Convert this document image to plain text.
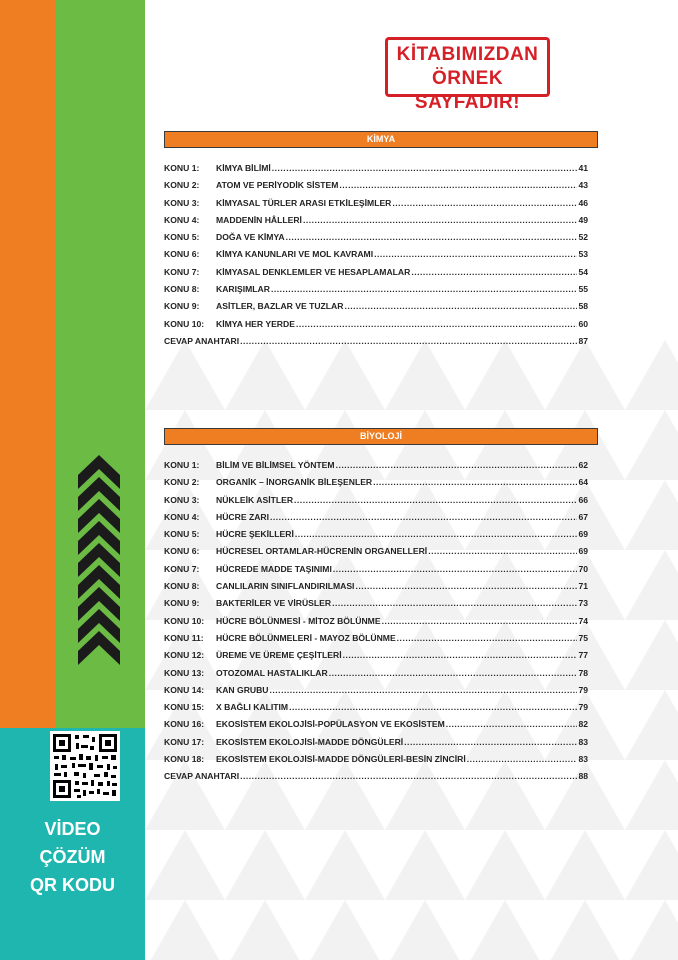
VİDEO
ÇÖZÜM
QR KODU
KİTABIMIZDAN
ÖRNEK SAYFADIR!
KİMYA
KONU 1:	KİMYA BİLİMİ .....	41
KONU 2:	ATOM VE PERİYODİK SİSTEM .....	43
KONU 3:	KİMYASAL TÜRLER ARASI ETKİLEŞİMLER .....	46
KONU 4:	MADDENİN HÂLLERİ .....	49
KONU 5:	DOĞA VE KİMYA .....	52
KONU 6:	KİMYA KANUNLARI VE MOL KAVRAMI .....	53
KONU 7:	KİMYASAL DENKLEMLER VE HESAPLAMALAR .....	54
KONU 8:	KARIŞIMLAR .....	55
KONU 9:	ASİTLER, BAZLAR VE TUZLAR .....	58
KONU 10:	KİMYA HER YERDE .....	60
CEVAP ANAHTARI .....	87
BİYOLOJİ
KONU 1:	BİLİM VE BİLİMSEL YÖNTEM .....	62
KONU 2:	ORGANİK – İNORGANİK BİLEŞENLER .....	64
KONU 3:	NÜKLEİK ASİTLER .....	66
KONU 4:	HÜCRE ZARI .....	67
KONU 5:	HÜCRE ŞEKİLLERİ .....	69
KONU 6:	HÜCRESEL ORTAMLAR-HÜCRENİN ORGANELLERİ .....	69
KONU 7:	HÜCREDE MADDE TAŞINIMI .....	70
KONU 8:	CANLILARIN SINIFLANDIRILMASI .....	71
KONU 9:	BAKTERİLER VE VİRÜSLER .....	73
KONU 10:	HÜCRE BÖLÜNMESİ - MİTOZ BÖLÜNME .....	74
KONU 11:	HÜCRE BÖLÜNMELERİ - MAYOZ BÖLÜNME .....	75
KONU 12:	ÜREME VE ÜREME ÇEŞİTLERİ .....	77
KONU 13:	OTOZOMAL HASTALIKLAR .....	78
KONU 14:	KAN GRUBU .....	79
KONU 15:	X BAĞLI KALITIM .....	79
KONU 16:	EKOSİSTEM EKOLOJİSİ-POPÜLASYON VE EKOSİSTEM .....	82
KONU 17:	EKOSİSTEM EKOLOJİSİ-MADDE DÖNGÜLERİ .....	83
KONU 18:	EKOSİSTEM EKOLOJİSİ-MADDE DÖNGÜLERİ-BESİN ZİNCİRİ .....	83
CEVAP ANAHTARI .....	88
